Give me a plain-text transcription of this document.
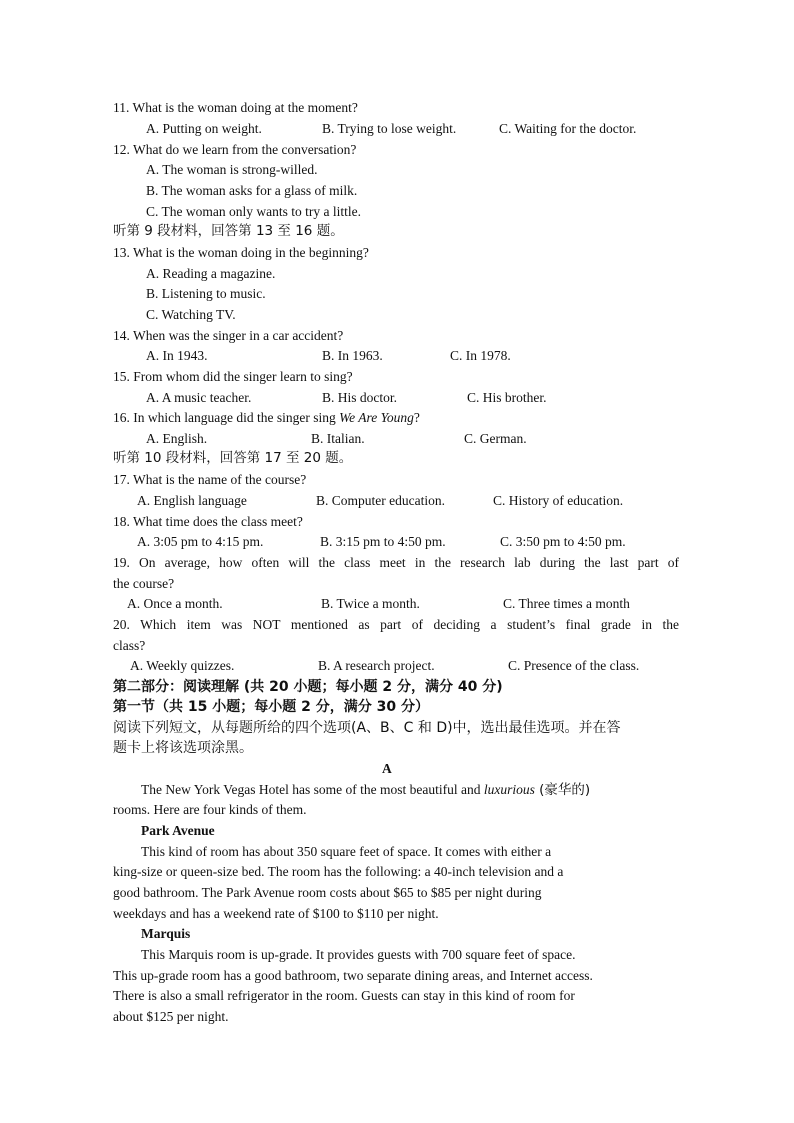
11. What is the woman doing at the moment?
A. Putting on weight.	B. Trying to lose weight.	C. Waiting for the doctor.
12. What do we learn from the conversation?
A. The woman is strong-willed.
B. The woman asks for a glass of milk.
C. The woman only wants to try a little.
听第 9 段材料，回答第 13 至 16 题。
13. What is the woman doing in the beginning?
A. Reading a magazine.
B. Listening to music.
C. Watching TV.
14. When was the singer in a car accident?
A. In 1943.	B. In 1963.	C. In 1978.
15. From whom did the singer learn to sing?
A. A music teacher.	B. His doctor.	C. His brother.
16. In which language did the singer sing We Are Young?
A. English.	B. Italian.	C. German.
听第 10 段材料，回答第 17 至 20 题。
17. What is the name of the course?
A. English language	B. Computer education.	C. History of education.
18. What time does the class meet?
A. 3:05 pm to 4:15 pm.	B. 3:15 pm to 4:50 pm.	C. 3:50 pm to 4:50 pm.
19. On average, how often will the class meet in the research lab during the last part of
the course?
A. Once a month.	B. Twice a month.	C. Three times a month
20. Which item was NOT mentioned as part of deciding a student’s final grade in the
class?
A. Weekly quizzes.	B. A research project.	C. Presence of the class.
第二部分：阅读理解 (共 20 小题；每小题 2 分，满分 40 分)
第一节（共 15 小题；每小题 2 分，满分 30 分）
阅读下列短文，从每题所给的四个选项(A、B、C 和 D)中，选出最佳选项。并在答
题卡上将该选项涂黑。
A
The New York Vegas Hotel has some of the most beautiful and luxurious (豪华的)
rooms. Here are four kinds of them.
Park Avenue
This kind of room has about 350 square feet of space. It comes with either a
king-size or queen-size bed. The room has the following: a 40-inch television and a
good bathroom. The Park Avenue room costs about $65 to $85 per night during
weekdays and has a weekend rate of $100 to $110 per night.
Marquis
This Marquis room is up-grade. It provides guests with 700 square feet of space.
This up-grade room has a good bathroom, two separate dining areas, and Internet access.
There is also a small refrigerator in the room. Guests can stay in this kind of room for
about $125 per night.
